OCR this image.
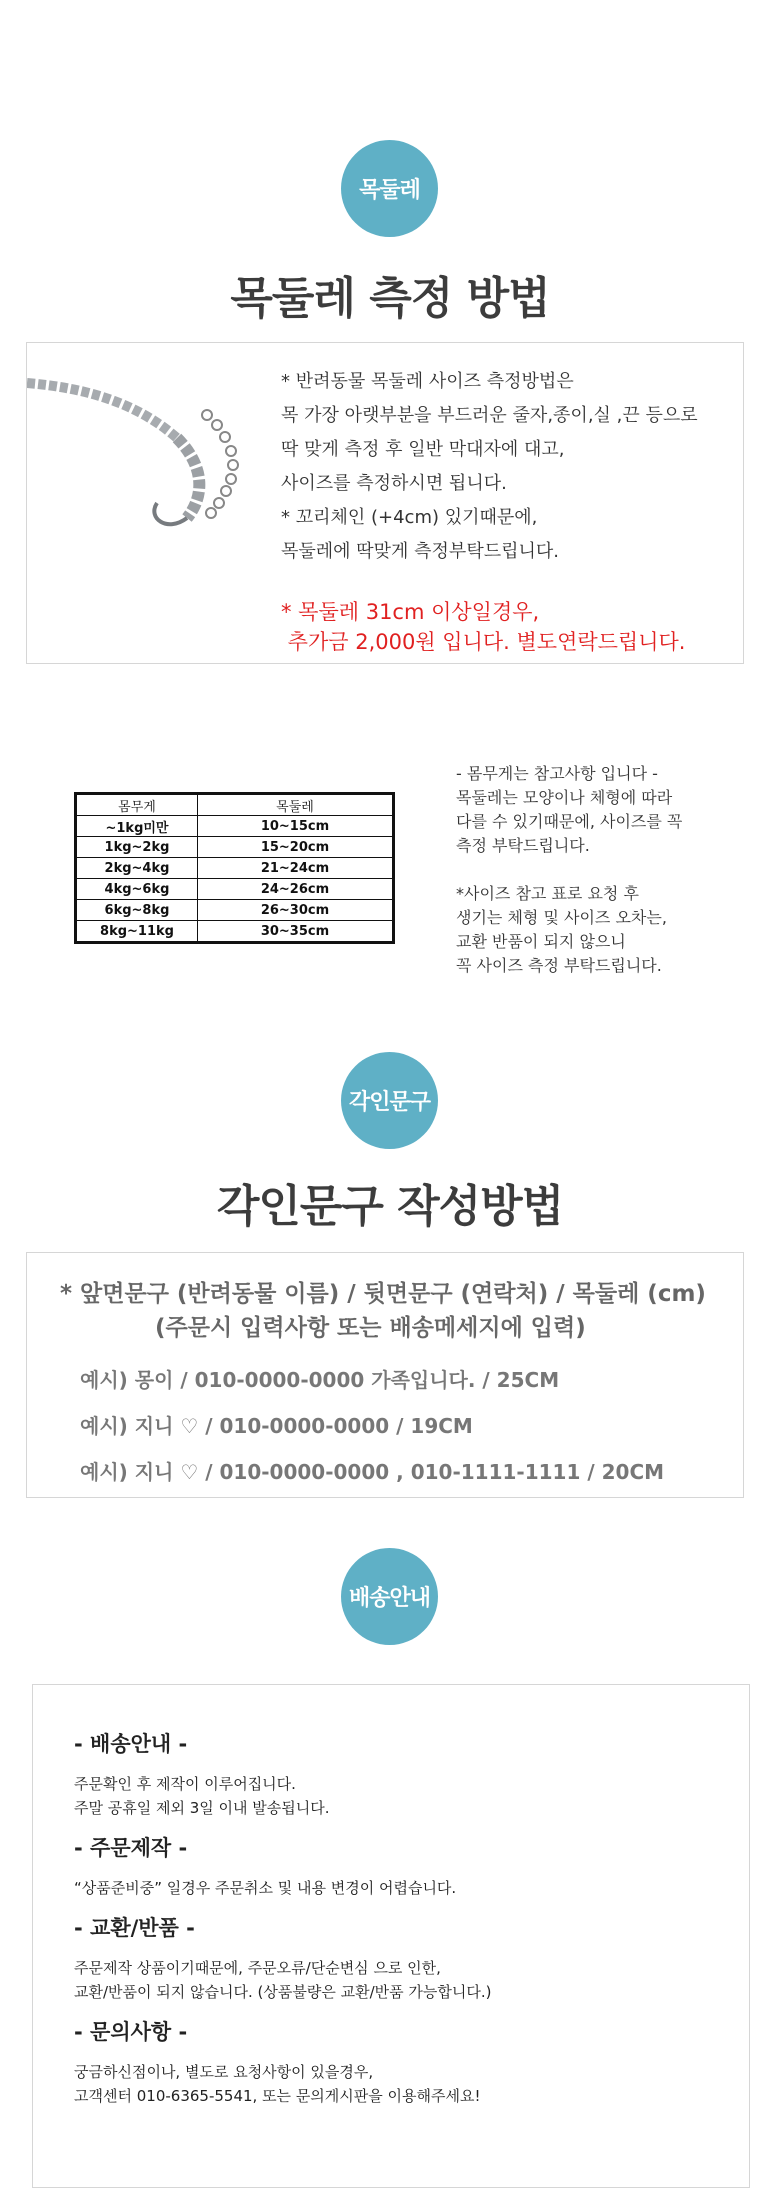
목둘레
목둘레 측정 방법
* 반려동물 목둘레 사이즈 측정방법은
목 가장 아랫부분을 부드러운 줄자,종이,실 ,끈 등으로
딱 맞게 측정 후 일반 막대자에 대고,
사이즈를 측정하시면 됩니다.
* 꼬리체인 (+4cm) 있기때문에,
목둘레에 딱맞게 측정부탁드립니다.
* 목둘레 31cm 이상일경우,
추가금 2,000원 입니다. 별도연락드립니다.
몸무게	목둘레
~1kg미만	10~15cm
1kg~2kg	15~20cm
2kg~4kg	21~24cm
4kg~6kg	24~26cm
6kg~8kg	26~30cm
8kg~11kg	30~35cm
- 몸무게는 참고사항 입니다 -
목둘레는 모양이나 체형에 따라
다를 수 있기때문에, 사이즈를 꼭
측정 부탁드립니다.
*사이즈 참고 표로 요청 후
생기는 체형 및 사이즈 오차는,
교환 반품이 되지 않으니
꼭 사이즈 측정 부탁드립니다.
각인문구
각인문구 작성방법
* 앞면문구 (반려동물 이름) / 뒷면문구 (연락처) / 목둘레 (cm)
(주문시 입력사항 또는 배송메세지에 입력)
예시) 몽이 / 010-0000-0000 가족입니다. / 25CM
예시) 지니 ♡ / 010-0000-0000 / 19CM
예시) 지니 ♡ / 010-0000-0000 , 010-1111-1111 / 20CM
배송안내
- 배송안내 -
주문확인 후 제작이 이루어집니다.
주말 공휴일 제외 3일 이내 발송됩니다.
- 주문제작 -
“상품준비중” 일경우 주문취소 및 내용 변경이 어렵습니다.
- 교환/반품 -
주문제작 상품이기때문에, 주문오류/단순변심 으로 인한,
교환/반품이 되지 않습니다. (상품불량은 교환/반품 가능합니다.)
- 문의사항 -
궁금하신점이나, 별도로 요청사항이 있을경우,
고객센터 010-6365-5541, 또는 문의게시판을 이용해주세요!
